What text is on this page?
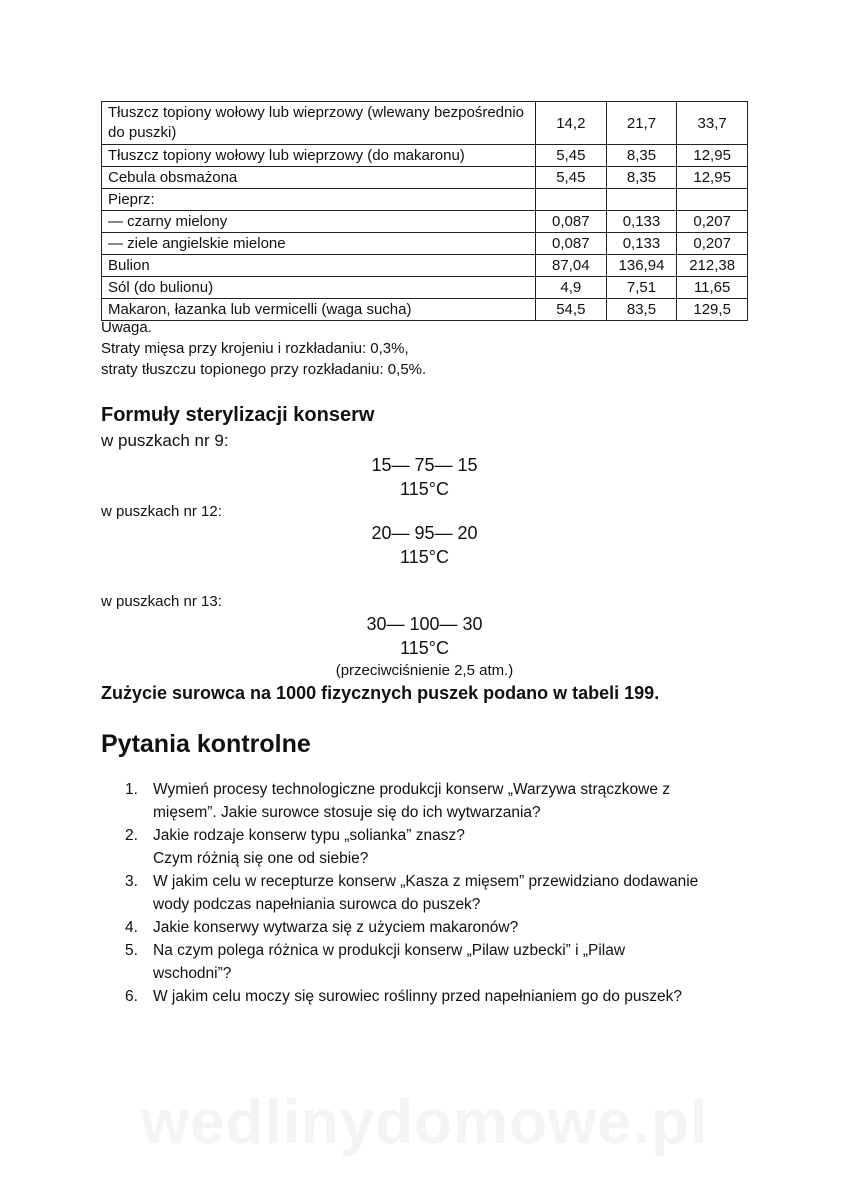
Tłuszcz topiony wołowy lub wieprzowy (wlewany bezpośrednio do puszki)	14,2	21,7	33,7
Tłuszcz topiony wołowy lub wieprzowy (do makaronu)	5,45	8,35	12,95
Cebula obsmażona	5,45	8,35	12,95
Pieprz:			
— czarny mielony	0,087	0,133	0,207
— ziele angielskie mielone	0,087	0,133	0,207
Bulion	87,04	136,94	212,38
Sól (do bulionu)	4,9	7,51	11,65
Makaron, łazanka lub vermicelli (waga sucha)	54,5	83,5	129,5

Uwaga.

Straty mięsa przy krojeniu i rozkładaniu: 0,3%,

straty tłuszczu topionego przy rozkładaniu: 0,5%.

Formuły sterylizacji konserw

w puszkach nr 9:

15— 75— 15

115°C

w puszkach nr 12:

20— 95— 20

115°C

w puszkach nr 13:

30— 100— 30

115°C

(przeciwciśnienie 2,5 atm.)

Zużycie surowca na 1000 fizycznych puszek podano w tabeli 199.

Pytania kontrolne
1. Wymień procesy technologiczne produkcji konserw „Warzywa strączkowe z
mięsem”. Jakie surowce stosuje się do ich wytwarzania?
2. Jakie rodzaje konserw typu „solianka” znasz?
Czym różnią się one od siebie?
3. W jakim celu w recepturze konserw „Kasza z mięsem” przewidziano dodawanie
wody podczas napełniania surowca do puszek?
4. Jakie konserwy wytwarza się z użyciem makaronów?
5. Na czym polega różnica w produkcji konserw „Pilaw uzbecki” i „Pilaw
wschodni”?
6. W jakim celu moczy się surowiec roślinny przed napełnianiem go do puszek?
wedlinydomowe.pl
